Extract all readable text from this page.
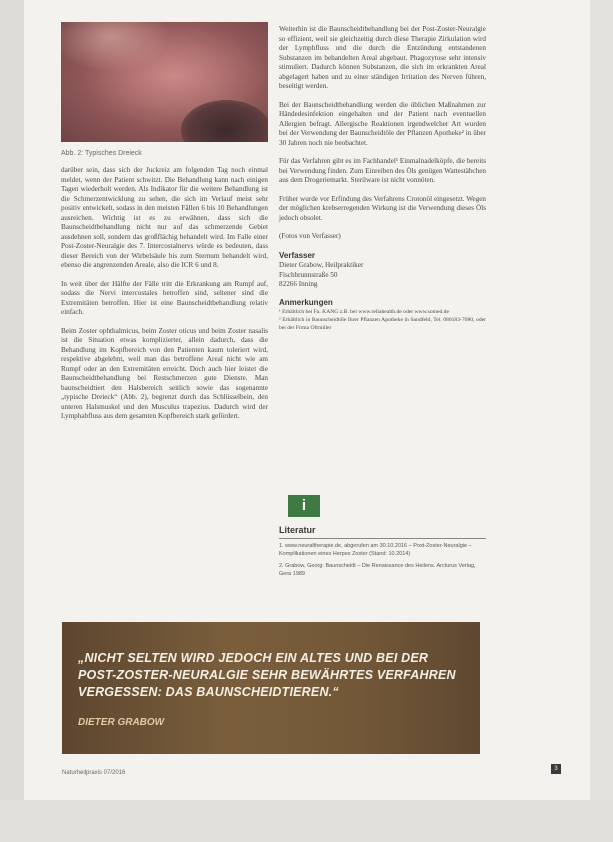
Abb. 2: Typisches Dreieck

darüber sein, dass sich der Juckreiz am folgenden Tag noch einmal meldet, wenn der Patient schwitzt. Die Behandlung kann nach einigen Tagen wiederholt werden. Als Indikator für die weitere Behandlung ist die Schmerzentwicklung zu sehen, die sich im Verlauf meist sehr positiv entwickelt, sodass in den meisten Fällen 6 bis 10 Behandlungen ausreichen. Wichtig ist es zu erwähnen, dass sich die Baunscheidtbehandlung nicht nur auf das schmerzende Gebiet ausdehnen soll, sondern das großflächig behandelt wird. Im Falle einer Post-Zoster-Neuralgie des 7. Intercostalnervs würde es bedeuten, dass dieser Bereich von der Wirbelsäule bis zum Sternum behandelt wird, ebenso die angrenzenden Areale, also die ICR 6 und 8.

In weit über der Hälfte der Fälle tritt die Erkrankung am Rumpf auf, sodass die Nervi intercostales betroffen sind, seltener sind die Extremitäten betroffen. Hier ist eine Baunscheidtbehandlung relativ einfach.

Beim Zoster ophthalmicus, beim Zoster oticus und beim Zoster nasalis ist die Situation etwas komplizierter, allein dadurch, dass die Behandlung im Kopfbereich von den Patienten kaum toleriert wird, respektive abgelehnt, weil man das betroffene Areal nicht wie am Rumpf oder an den Extremitäten erreicht. Doch auch hier leistet die Baunscheidtbehandlung bei Restschmerzen gute Dienste. Man baunscheidtiert den Halsbereich seitlich sowie das sogenannte „typische Dreieck“ (Abb. 2), begrenzt durch das Schlüsselbein, den unteren Halsmuskel und den Musculus trapezius. Dadurch wird der Lymphabfluss aus dem gesamten Kopfbereich stark gefördert.

Weiterhin ist die Baunscheidtbehandlung bei der Post-Zoster-Neuralgie so effizient, weil sie gleichzeitig durch diese Therapie Zirkulation wird der Lymphfluss und die durch die Entzündung entstandenen Substanzen im behandelten Areal abgebaut. Phagozytose sehr intensiv stimuliert. Dadurch können Substanzen, die sich im erkrankten Areal abgelagert haben und zu einer ständigen Irritation des Nerven führen, beseitigt werden.

Bei der Baunscheidtbehandlung werden die üblichen Maßnahmen zur Händedesinfektion eingehalten und der Patient nach eventuellen Allergien befragt. Allergische Reaktionen irgendwelcher Art wurden bei der Verwendung der Baunscheidtöle der Pflanzen Apotheke² in über 30 Jahren noch nie beobachtet.

Für das Verfahren gibt es im Fachhandel¹ Einmalnadelköpfe, die bereits bei Verwendung finden. Zum Einreiben des Öls genügen Wattestäbchen aus dem Drogeriemarkt. Sterilware ist nicht vonnöten.

Früher wurde vor Erfindung des Verfahrens Crotonöl eingesetzt. Wegen der möglichen krebserregenden Wirkung ist die Verwendung dieses Öls jedoch obsolet.

(Fotos von Verfasser)

Verfasser
Dieter Grabow, Heilpraktiker
Fischbrunnstraße 50
82266 Inning
Anmerkungen
¹ Erhältlich bei Fa. KANG z.B. bei www.reliahealth.de oder www.somed.de
² Erhältlich in Baunscheidtöle Ihrer Pflanzen Apotheke in Sandfeld, Tel. 080183-7080, oder bei der Firma Oftmiller
i
Literatur
1. www.neuraltherapie.de, abgerufen am 30.10.2016 – Post-Zoster-Neuralgie – Komplikationen eines Herpes Zoster (Stand: 10.2014)
2. Grabow, Georg: Baunscheidt – Die Renaissance des Heilens. Arcturus Verlag, Gera 1989
„NICHT SELTEN WIRD JEDOCH EIN ALTES UND BEI DER POST-ZOSTER-NEURALGIE SEHR BEWÄHRTES VERFAHREN VERGESSEN: DAS BAUNSCHEIDTIEREN.“
DIETER GRABOW
Naturheilpraxis 07/2016
3
